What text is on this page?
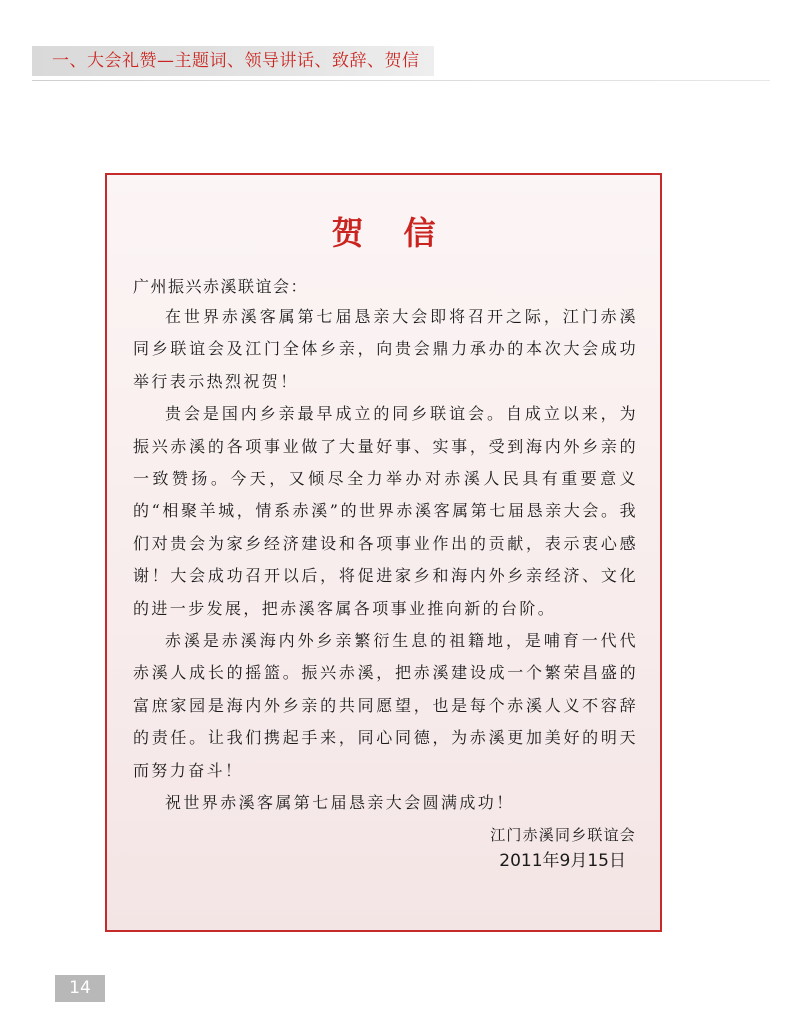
一、大会礼赞—主题词、领导讲话、致辞、贺信
贺信
广州振兴赤溪联谊会：

在世界赤溪客属第七届恳亲大会即将召开之际，江门赤溪同乡联谊会及江门全体乡亲，向贵会鼎力承办的本次大会成功举行表示热烈祝贺！

贵会是国内乡亲最早成立的同乡联谊会。自成立以来，为振兴赤溪的各项事业做了大量好事、实事，受到海内外乡亲的一致赞扬。今天，又倾尽全力举办对赤溪人民具有重要意义的“相聚羊城，情系赤溪”的世界赤溪客属第七届恳亲大会。我们对贵会为家乡经济建设和各项事业作出的贡献，表示衷心感谢！大会成功召开以后，将促进家乡和海内外乡亲经济、文化的进一步发展，把赤溪客属各项事业推向新的台阶。

赤溪是赤溪海内外乡亲繁衍生息的祖籍地，是哺育一代代赤溪人成长的摇篮。振兴赤溪，把赤溪建设成一个繁荣昌盛的富庶家园是海内外乡亲的共同愿望，也是每个赤溪人义不容辞的责任。让我们携起手来，同心同德，为赤溪更加美好的明天而努力奋斗！

祝世界赤溪客属第七届恳亲大会圆满成功！

江门赤溪同乡联谊会
2011年9月15日
14
